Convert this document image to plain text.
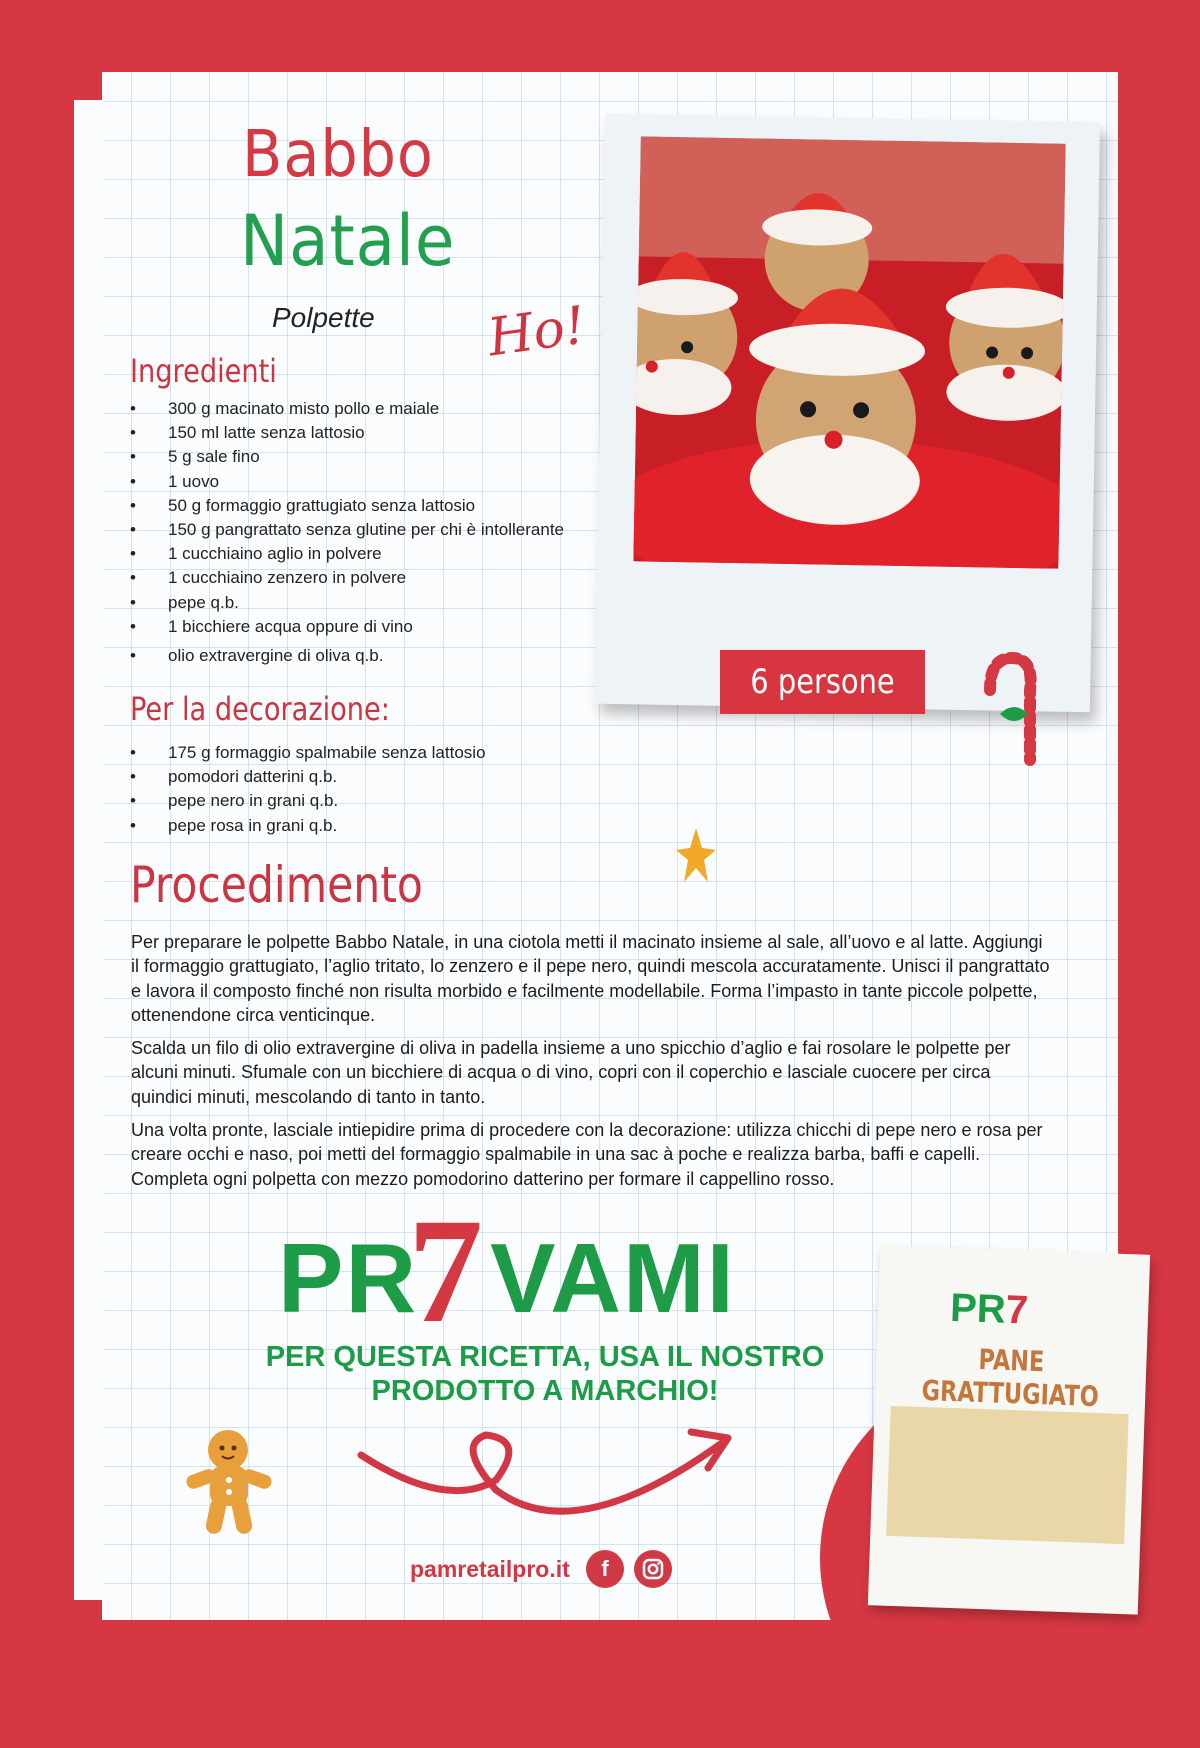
Babbo
Natale
Polpette Ho!
Ingredienti
• 300 g macinato misto pollo e maiale
• 150 ml latte senza lattosio
• 5 g sale fino
• 1 uovo
• 50 g formaggio grattugiato senza lattosio
• 150 g pangrattato senza glutine per chi è intollerante
• 1 cucchiaino aglio in polvere
• 1 cucchiaino zenzero in polvere
• pepe q.b.
• 1 bicchiere acqua oppure di vino
• olio extravergine di oliva q.b.
Per la decorazione:
• 175 g formaggio spalmabile senza lattosio
• pomodori datterini q.b.
• pepe nero in grani q.b.
• pepe rosa in grani q.b.
6 persone
Procedimento

Per preparare le polpette Babbo Natale, in una ciotola metti il macinato insieme al sale, all’uovo e al latte. Aggiungi il formaggio grattugiato, l’aglio tritato, lo zenzero e il pepe nero, quindi mescola accuratamente. Unisci il pangrattato e lavora il composto finché non risulta morbido e facilmente modellabile. Forma l’impasto in tante piccole polpette, ottenendone circa venticinque.

Scalda un filo di olio extravergine di oliva in padella insieme a uno spicchio d’aglio e fai rosolare le polpette per alcuni minuti. Sfumale con un bicchiere di acqua o di vino, copri con il coperchio e lasciale cuocere per circa quindici minuti, mescolando di tanto in tanto.

Una volta pronte, lasciale intiepidire prima di procedere con la decorazione: utilizza chicchi di pepe nero e rosa per creare occhi e naso, poi metti del formaggio spalmabile in una sac à poche e realizza barba, baffi e capelli. Completa ogni polpetta con mezzo pomodorino datterino per formare il cappellino rosso.

PR VAMI
7
PER QUESTA RICETTA, USA IL NOSTRO
PRODOTTO A MARCHIO!
pamretailpro.it	f
PR7
PANE
GRATTUGIATO
